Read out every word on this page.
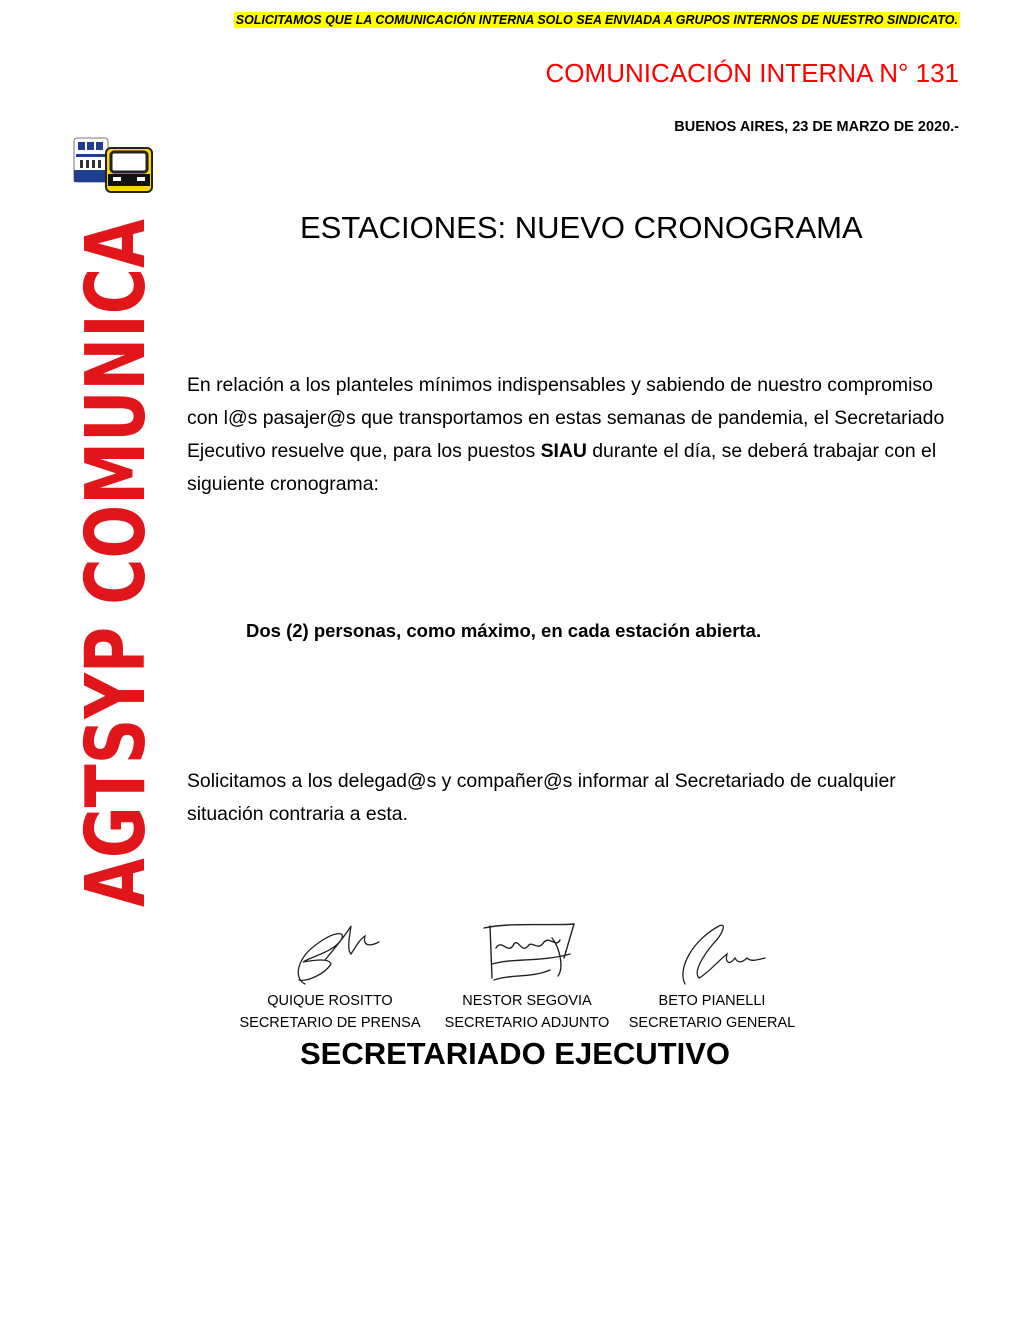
SOLICITAMOS QUE LA COMUNICACIÓN INTERNA SOLO SEA ENVIADA A GRUPOS INTERNOS DE NUESTRO SINDICATO.
COMUNICACIÓN INTERNA N° 131
BUENOS AIRES, 23 DE MARZO DE 2020.-
AGTSYP COMUNICA	ESTACIONES: NUEVO CRONOGRAMA

En relación a los planteles mínimos indispensables y sabiendo de nuestro compromiso con l@s pasajer@s que transportamos en estas semanas de pandemia, el Secretariado Ejecutivo resuelve que, para los puestos SIAU durante el día, se deberá trabajar con el siguiente cronograma:

Dos (2) personas, como máximo, en cada estación abierta.

Solicitamos a los delegad@s y compañer@s informar al Secretariado de cualquier situación contraria a esta.

QUIQUE ROSITTO
SECRETARIO DE PRENSA
NESTOR SEGOVIA
SECRETARIO ADJUNTO
BETO PIANELLI
SECRETARIO GENERAL
SECRETARIADO EJECUTIVO
